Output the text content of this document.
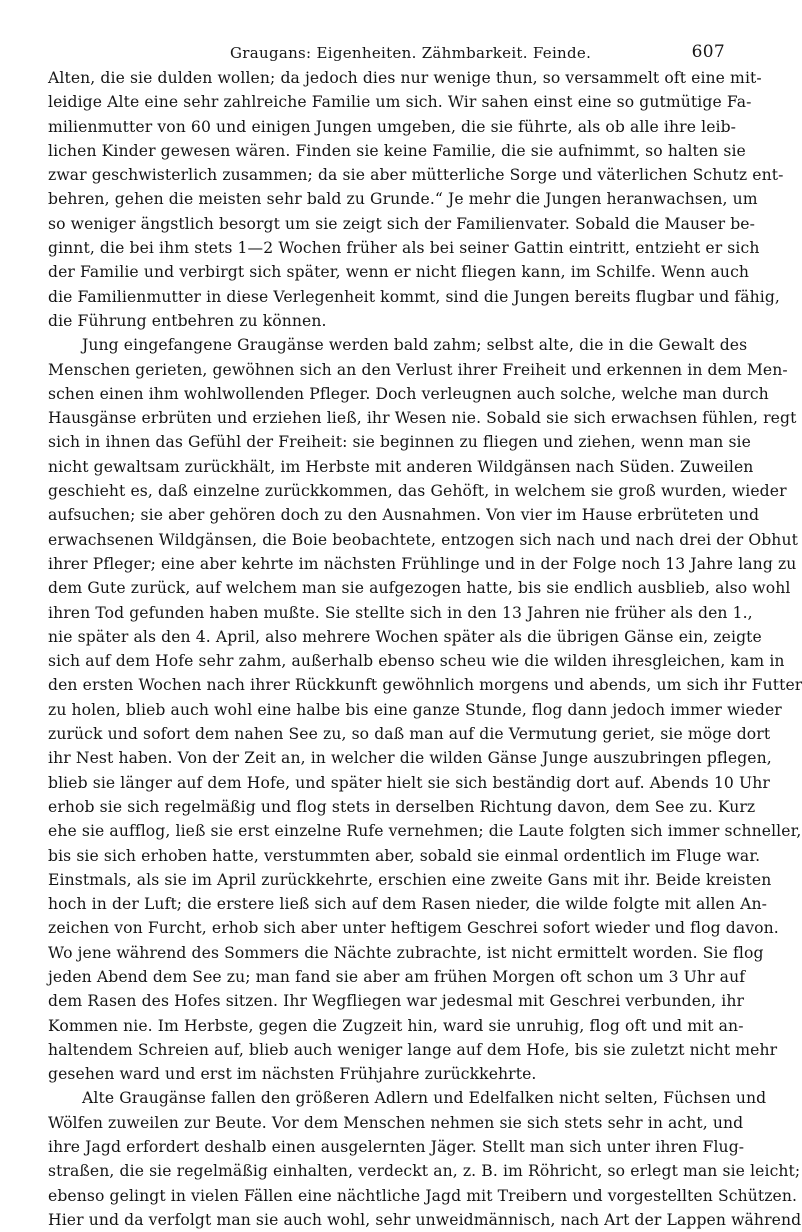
Graugans: Eigenheiten. Zähmbarkeit. Feinde.	607

Alten, die sie dulden wollen; da jedoch dies nur wenige thun, so versammelt oft eine mit-
leidige Alte eine sehr zahlreiche Familie um sich. Wir sahen einst eine so gutmütige Fa-
milienmutter von 60 und einigen Jungen umgeben, die sie führte, als ob alle ihre leib-
lichen Kinder gewesen wären. Finden sie keine Familie, die sie aufnimmt, so halten sie
zwar geschwisterlich zusammen; da sie aber mütterliche Sorge und väterlichen Schutz ent-
behren, gehen die meisten sehr bald zu Grunde.“ Je mehr die Jungen heranwachsen, um
so weniger ängstlich besorgt um sie zeigt sich der Familienvater. Sobald die Mauser be-
ginnt, die bei ihm stets 1—2 Wochen früher als bei seiner Gattin eintritt, entzieht er sich
der Familie und verbirgt sich später, wenn er nicht fliegen kann, im Schilfe. Wenn auch
die Familienmutter in diese Verlegenheit kommt, sind die Jungen bereits flugbar und fähig,
die Führung entbehren zu können.

Jung eingefangene Graugänse werden bald zahm; selbst alte, die in die Gewalt des
Menschen gerieten, gewöhnen sich an den Verlust ihrer Freiheit und erkennen in dem Men-
schen einen ihm wohlwollenden Pfleger. Doch verleugnen auch solche, welche man durch
Hausgänse erbrüten und erziehen ließ, ihr Wesen nie. Sobald sie sich erwachsen fühlen, regt
sich in ihnen das Gefühl der Freiheit: sie beginnen zu fliegen und ziehen, wenn man sie
nicht gewaltsam zurückhält, im Herbste mit anderen Wildgänsen nach Süden. Zuweilen
geschieht es, daß einzelne zurückkommen, das Gehöft, in welchem sie groß wurden, wieder
aufsuchen; sie aber gehören doch zu den Ausnahmen. Von vier im Hause erbrüteten und
erwachsenen Wildgänsen, die Boie beobachtete, entzogen sich nach und nach drei der Obhut
ihrer Pfleger; eine aber kehrte im nächsten Frühlinge und in der Folge noch 13 Jahre lang zu
dem Gute zurück, auf welchem man sie aufgezogen hatte, bis sie endlich ausblieb, also wohl
ihren Tod gefunden haben mußte. Sie stellte sich in den 13 Jahren nie früher als den 1.,
nie später als den 4. April, also mehrere Wochen später als die übrigen Gänse ein, zeigte
sich auf dem Hofe sehr zahm, außerhalb ebenso scheu wie die wilden ihresgleichen, kam in
den ersten Wochen nach ihrer Rückkunft gewöhnlich morgens und abends, um sich ihr Futter
zu holen, blieb auch wohl eine halbe bis eine ganze Stunde, flog dann jedoch immer wieder
zurück und sofort dem nahen See zu, so daß man auf die Vermutung geriet, sie möge dort
ihr Nest haben. Von der Zeit an, in welcher die wilden Gänse Junge auszubringen pflegen,
blieb sie länger auf dem Hofe, und später hielt sie sich beständig dort auf. Abends 10 Uhr
erhob sie sich regelmäßig und flog stets in derselben Richtung davon, dem See zu. Kurz
ehe sie aufflog, ließ sie erst einzelne Rufe vernehmen; die Laute folgten sich immer schneller,
bis sie sich erhoben hatte, verstummten aber, sobald sie einmal ordentlich im Fluge war.
Einstmals, als sie im April zurückkehrte, erschien eine zweite Gans mit ihr. Beide kreisten
hoch in der Luft; die erstere ließ sich auf dem Rasen nieder, die wilde folgte mit allen An-
zeichen von Furcht, erhob sich aber unter heftigem Geschrei sofort wieder und flog davon.
Wo jene während des Sommers die Nächte zubrachte, ist nicht ermittelt worden. Sie flog
jeden Abend dem See zu; man fand sie aber am frühen Morgen oft schon um 3 Uhr auf
dem Rasen des Hofes sitzen. Ihr Wegfliegen war jedesmal mit Geschrei verbunden, ihr
Kommen nie. Im Herbste, gegen die Zugzeit hin, ward sie unruhig, flog oft und mit an-
haltendem Schreien auf, blieb auch weniger lange auf dem Hofe, bis sie zuletzt nicht mehr
gesehen ward und erst im nächsten Frühjahre zurückkehrte.

Alte Graugänse fallen den größeren Adlern und Edelfalken nicht selten, Füchsen und
Wölfen zuweilen zur Beute. Vor dem Menschen nehmen sie sich stets sehr in acht, und
ihre Jagd erfordert deshalb einen ausgelernten Jäger. Stellt man sich unter ihren Flug-
straßen, die sie regelmäßig einhalten, verdeckt an, z. B. im Röhricht, so erlegt man sie leicht;
ebenso gelingt in vielen Fällen eine nächtliche Jagd mit Treibern und vorgestellten Schützen.
Hier und da verfolgt man sie auch wohl, sehr unweidmännisch, nach Art der Lappen während
